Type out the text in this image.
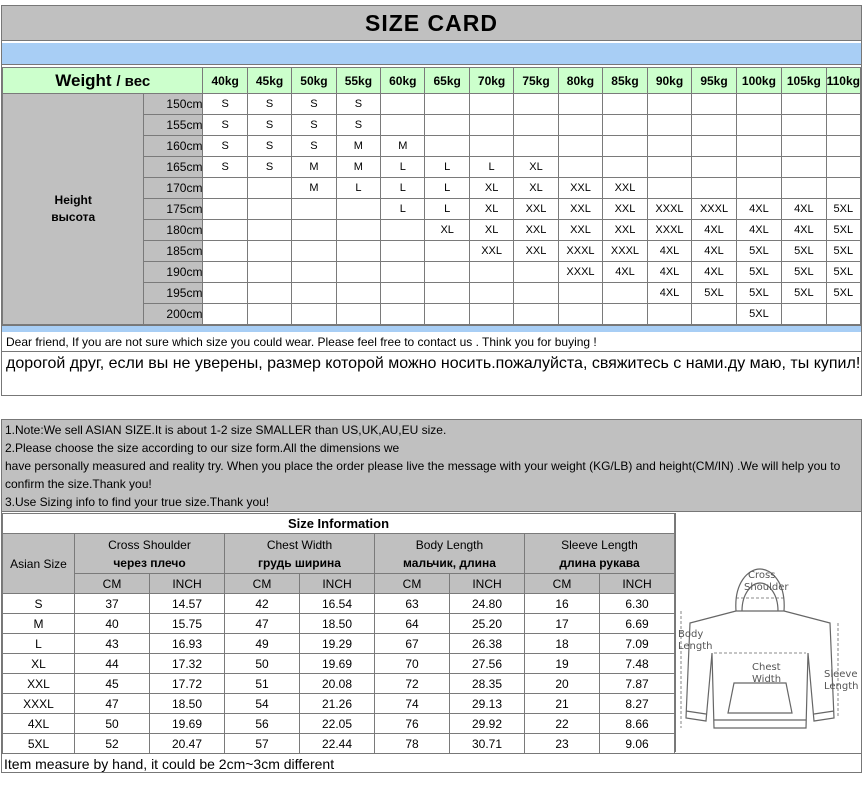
SIZE CARD
Weight / вес		40kg	45kg	50kg	55kg	60kg	65kg	70kg	75kg	80kg	85kg	90kg	95kg	100kg	105kg	110kg

Height
высота	150cm	S	S	S	S											
	155cm	S	S	S	S											
	160cm	S	S	S	M	M										
	165cm	S	S	M	M	L	L	L	XL							
	170cm			M	L	L	L	XL	XL	XXL	XXL					
	175cm					L	L	XL	XXL	XXL	XXL	XXXL	XXXL	4XL	4XL	5XL
	180cm						XL	XL	XXL	XXL	XXL	XXXL	4XL	4XL	4XL	5XL
	185cm							XXL	XXL	XXXL	XXXL	4XL	4XL	5XL	5XL	5XL
	190cm									XXXL	4XL	4XL	4XL	5XL	5XL	5XL
	195cm											4XL	5XL	5XL	5XL	5XL
	200cm													5XL		
Dear friend, If you are not sure which size you could wear. Please feel free to contact us . Think you for buying !
дорогой друг, если вы не уверены, размер которой можно носить.пожалуйста, свяжитесь с нами.ду маю, ты купил!
1.Note:We sell ASIAN SIZE.It is about 1-2 size SMALLER than US,UK,AU,EU size.
2.Please choose the size according to our size form.All the dimensions we
have personally measured and reality try. When you place the order please live the message with your weight (KG/LB) and height(CM/IN) .We will help you to confirm the size.Thank you!
3.Use Sizing info to find your true size.Thank you!
Size Information								
Asian Size	Cross Shoulder
через плечо		Chest Width
грудь ширина		Body Length
мальчик, длина		Sleeve Length
длина рукава	
	CM	INCH	CM	INCH	CM	INCH	CM	INCH
S	37	14.57	42	16.54	63	24.80	16	6.30
M	40	15.75	47	18.50	64	25.20	17	6.69
L	43	16.93	49	19.29	67	26.38	18	7.09
XL	44	17.32	50	19.69	70	27.56	19	7.48
XXL	45	17.72	51	20.08	72	28.35	20	7.87
XXXL	47	18.50	54	21.26	74	29.13	21	8.27
4XL	50	19.69	56	22.05	76	29.92	22	8.66
5XL	52	20.47	57	22.44	78	30.71	23	9.06
Cross
Shoulder
Body
Length
Chest
Width	Sleeve
Length
Item measure by hand, it could be 2cm~3cm different
